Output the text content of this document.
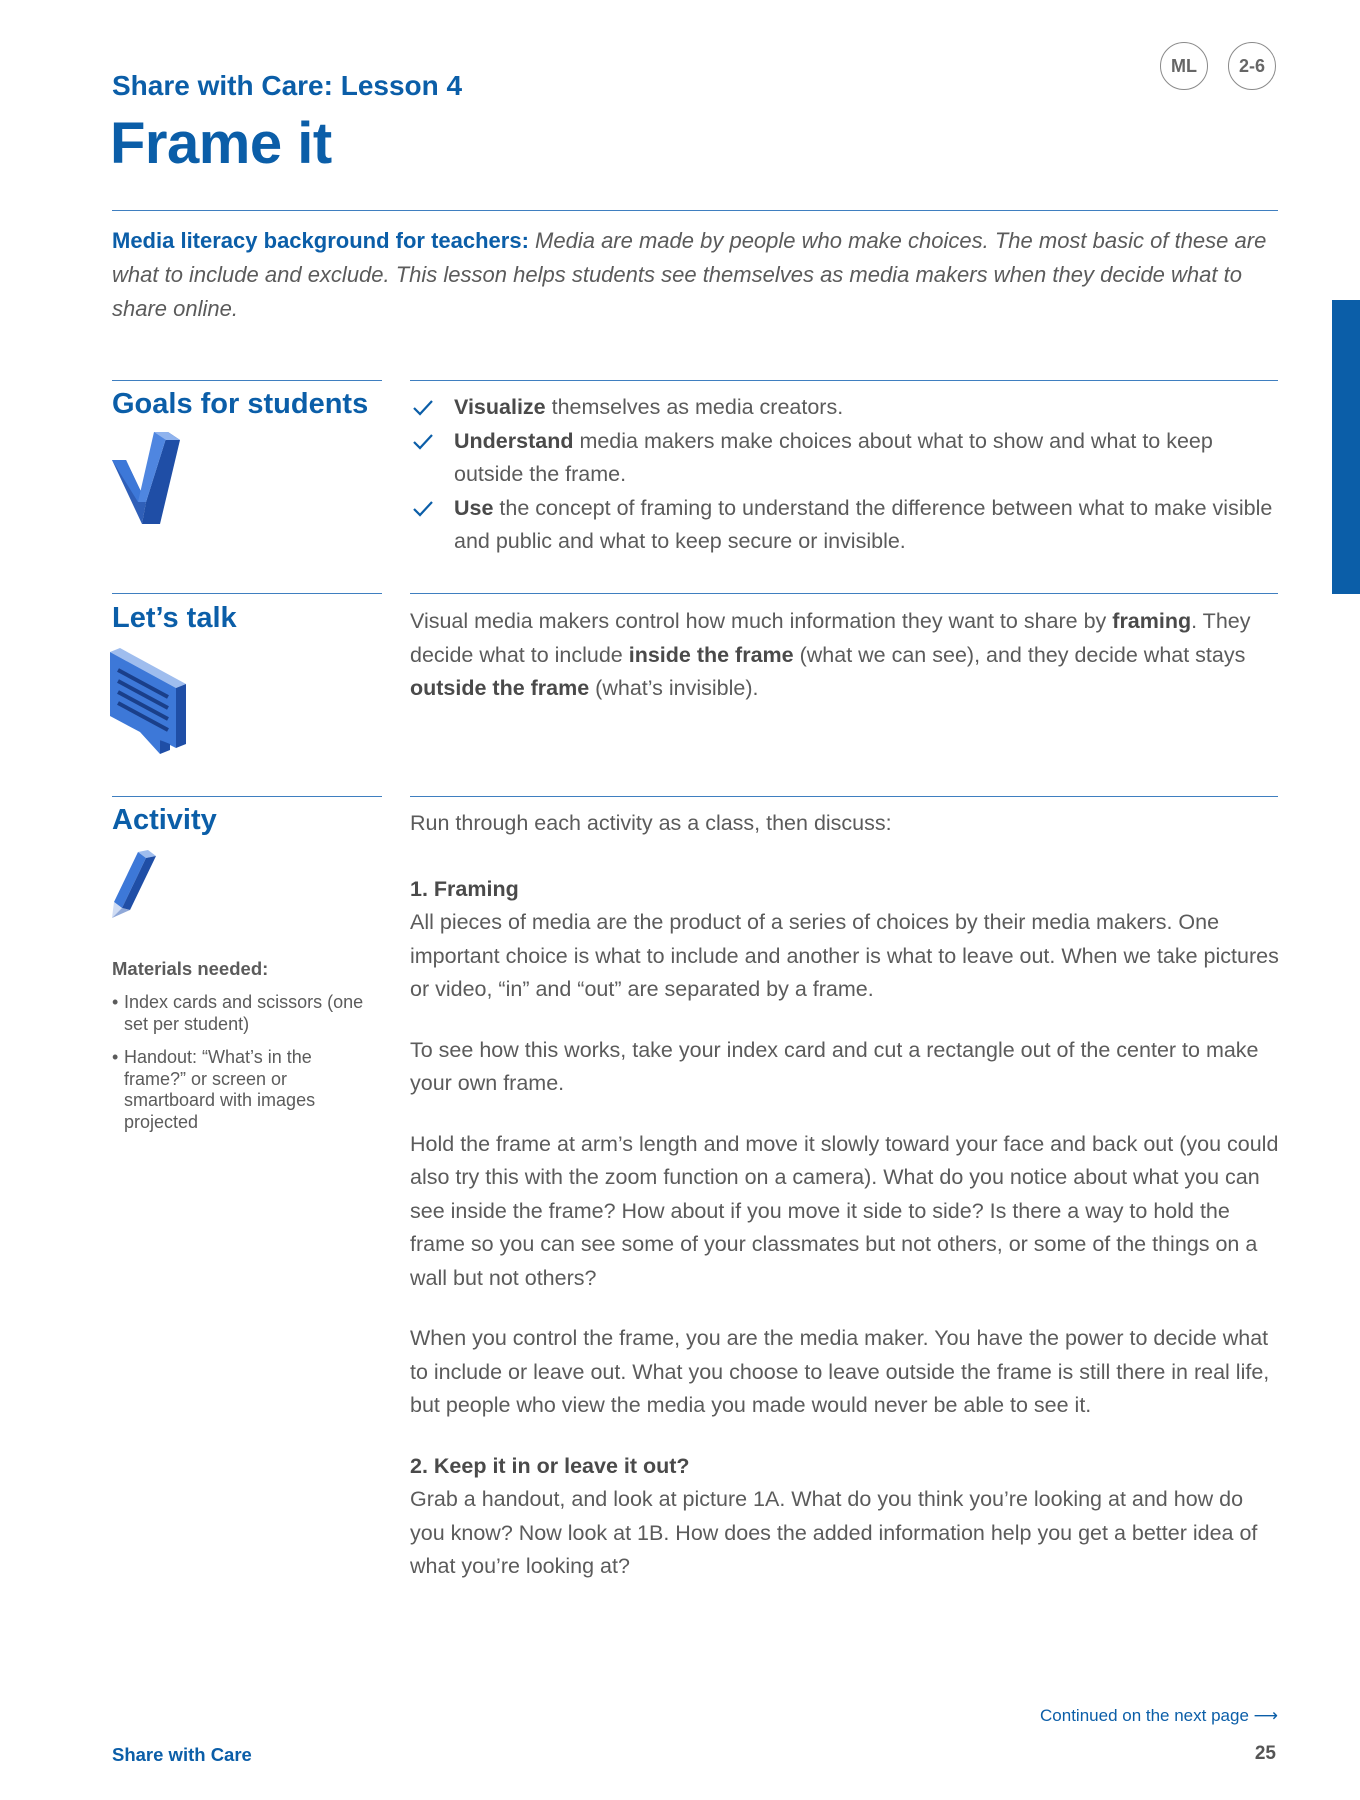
Share with Care: Lesson 4
Frame it
ML	2-6
Media literacy background for teachers: Media are made by people who make choices. The most basic of these are what to include and exclude. This lesson helps students see themselves as media makers when they decide what to share online.
Goals for students	Visualize themselves as media creators.
Understand media makers make choices about what to show and what to keep outside the frame.
Use the concept of framing to understand the difference between what to make visible and public and what to keep secure or invisible.
Let’s talk	Visual media makers control how much information they want to share by framing. They decide what to include inside the frame (what we can see), and they decide what stays outside the frame (what’s invisible).
Activity
Materials needed:
• Index cards and scissors (one set per student)
• Handout: “What’s in the frame?” or screen or smartboard with images projected

Run through each activity as a class, then discuss:

1. Framing

All pieces of media are the product of a series of choices by their media makers. One important choice is what to include and another is what to leave out. When we take pictures or video, “in” and “out” are separated by a frame.

To see how this works, take your index card and cut a rectangle out of the center to make your own frame.

Hold the frame at arm’s length and move it slowly toward your face and back out (you could also try this with the zoom function on a camera). What do you notice about what you can see inside the frame? How about if you move it side to side? Is there a way to hold the frame so you can see some of your classmates but not others, or some of the things on a wall but not others?

When you control the frame, you are the media maker. You have the power to decide what to include or leave out. What you choose to leave outside the frame is still there in real life, but people who view the media you made would never be able to see it.

2. Keep it in or leave it out?

Grab a handout, and look at picture 1A. What do you think you’re looking at and how do you know? Now look at 1B. How does the added information help you get a better idea of what you’re looking at?

Continued on the next page ⟶
Share with Care	25
